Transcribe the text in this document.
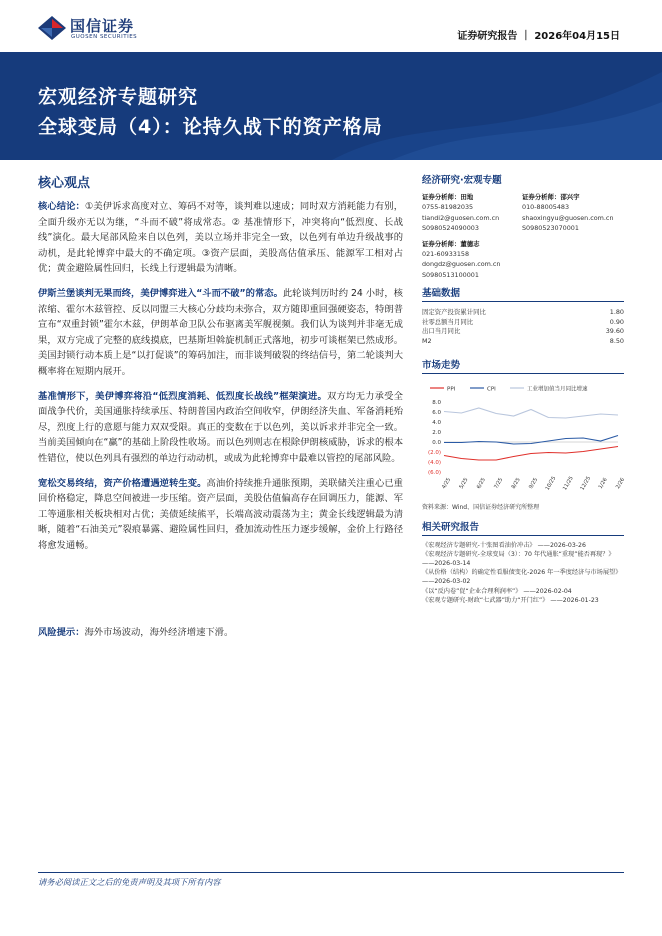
国信证券
GUOSEN SECURITIES	证券研究报告 ｜ 2026年04月15日
宏观经济专题研究
全球变局（4）：论持久战下的资产格局
核心观点

核心结论：①美伊诉求高度对立、筹码不对等，谈判难以速成；同时双方消耗能力有别，全面升级亦无以为继，“斗而不破”将成常态。② 基准情形下，冲突将向“低烈度、长战线”演化。最大尾部风险来自以色列，美以立场并非完全一致，以色列有单边升级战事的动机，是此轮博弈中最大的不确定项。③资产层面，美股高估值承压、能源军工相对占优；黄金避险属性回归，长线上行逻辑最为清晰。

伊斯兰堡谈判无果而终，美伊博弈进入“斗而不破”的常态。此轮谈判历时约 24 小时，核浓缩、霍尔木兹管控、反以同盟三大核心分歧均未弥合，双方随即重回强硬姿态，特朗普宣布“双重封锁”霍尔木兹，伊朗革命卫队公布驱离美军舰视频。我们认为谈判并非毫无成果，双方完成了完整的底线摸底，巴基斯坦斡旋机制正式落地，初步可谈框架已然成形。美国封锁行动本质上是“以打促谈”的筹码加注，而非谈判破裂的终结信号，第二轮谈判大概率将在短期内展开。

基准情形下，美伊博弈将沿“低烈度消耗、低烈度长战线”框架演进。双方均无力承受全面战争代价，美国通胀持续承压、特朗普国内政治空间收窄，伊朗经济失血、军备消耗殆尽，烈度上行的意愿与能力双双受限。真正的变数在于以色列，美以诉求并非完全一致。当前美国倾向在“赢”的基础上阶段性收场。而以色列则志在根除伊朗核威胁，诉求的根本性错位，使以色列具有强烈的单边行动动机，或成为此轮博弈中最难以管控的尾部风险。

宽松交易终结，资产价格遭遇逆转生变。高油价持续推升通胀预期，美联储关注重心已重回价格稳定，降息空间被进一步压缩。资产层面，美股估值偏高存在回调压力，能源、军工等通胀相关板块相对占优；美债延续熊平，长端高波动震荡为主；黄金长线逻辑最为清晰，随着“石油美元”裂痕暴露、避险属性回归，叠加流动性压力逐步缓解，金价上行路径将愈发通畅。

风险提示：海外市场波动，海外经济增速下滑。
经济研究·宏观专题
证券分析师：田地
0755-81982035
tiandi2@guosen.com.cn
S0980524090003
证券分析师：邵兴宇
010-88005483
shaoxingyu@guosen.com.cn
S0980523070001
证券分析师：董德志
021-60933158
dongdz@guosen.com.cn
S0980513100001
基础数据
固定资产投资累计同比	1.80
社零总额当月同比	0.90
出口当月同比	39.60
M2	8.50
市场走势
PPI	CPI	工业增加值当月同比增速
8.0
6.0
4.0
2.0
0.0
(2.0)
(4.0)
(6.0)
4/25 5/25 6/25 7/25 8/25 9/25 10/25 11/25 12/25 1/26 2/26
资料来源：Wind、国信证券经济研究所整理
相关研究报告
《宏观经济专题研究-十张图看油价冲击》 ——2026-03-26
《宏观经济专题研究-全球变局（3）：70 年代通胀“重现”能否再现？》 ——2026-03-14
《从价格（结构）的确定性看服债变化-2026 年一季度经济与市场展望》 ——2026-03-02
《以“反内卷”促“企业合理利润率”》 ——2026-02-04
《宏观专题研究-财政“七武器”助力“开门红”》 ——2026-01-23
请务必阅读正文之后的免责声明及其项下所有内容
